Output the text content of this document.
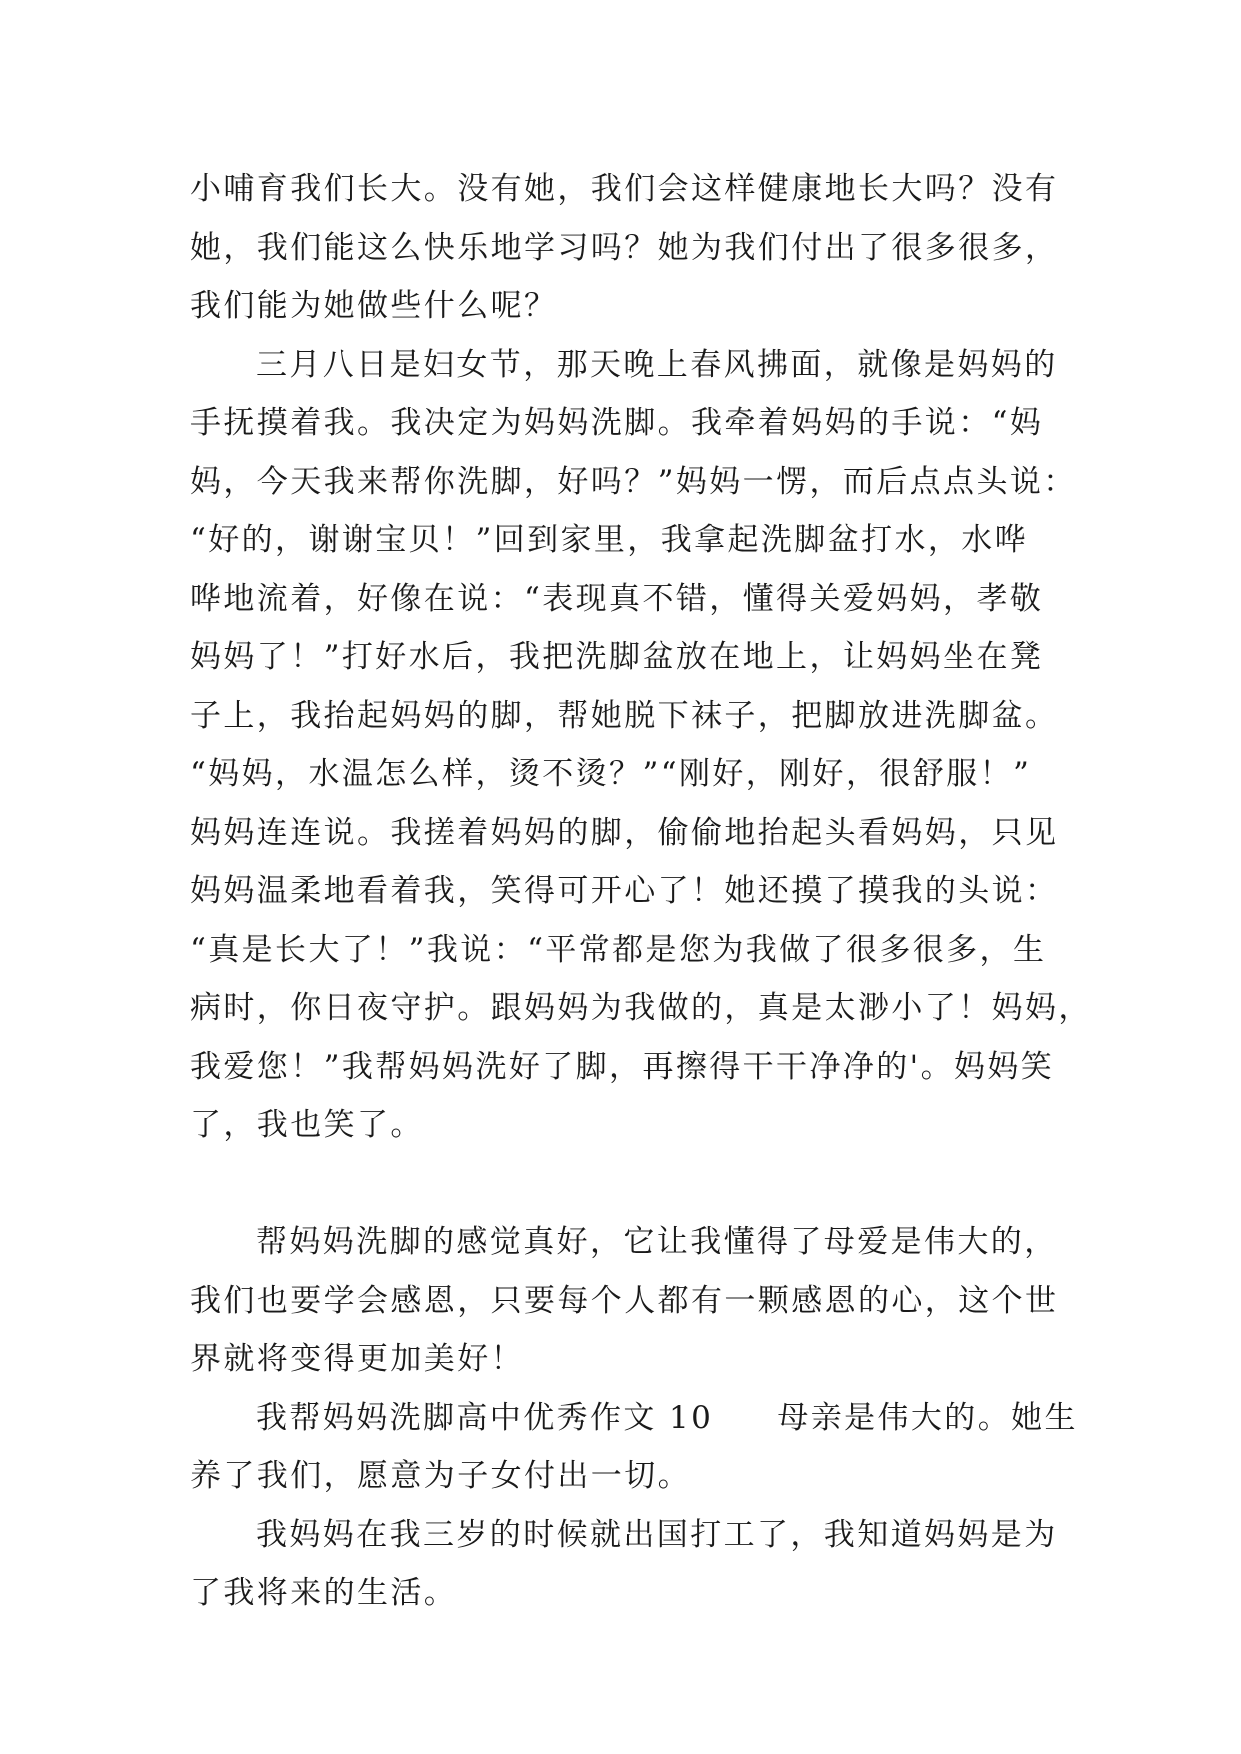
小哺育我们长大。没有她，我们会这样健康地长大吗？没有
她，我们能这么快乐地学习吗？她为我们付出了很多很多，
我们能为她做些什么呢？

三月八日是妇女节，那天晚上春风拂面，就像是妈妈的
手抚摸着我。我决定为妈妈洗脚。我牵着妈妈的手说：“妈
妈，今天我来帮你洗脚，好吗？”妈妈一愣，而后点点头说：
“好的，谢谢宝贝！”回到家里，我拿起洗脚盆打水，水哗
哗地流着，好像在说：“表现真不错，懂得关爱妈妈，孝敬
妈妈了！”打好水后，我把洗脚盆放在地上，让妈妈坐在凳
子上，我抬起妈妈的脚，帮她脱下袜子，把脚放进洗脚盆。
“妈妈，水温怎么样，烫不烫？”“刚好，刚好，很舒服！”
妈妈连连说。我搓着妈妈的脚，偷偷地抬起头看妈妈，只见
妈妈温柔地看着我，笑得可开心了！她还摸了摸我的头说：
“真是长大了！”我说：“平常都是您为我做了很多很多，生
病时，你日夜守护。跟妈妈为我做的，真是太渺小了！妈妈，
我爱您！”我帮妈妈洗好了脚，再擦得干干净净的'。妈妈笑
了，我也笑了。

帮妈妈洗脚的感觉真好，它让我懂得了母爱是伟大的，
我们也要学会感恩，只要每个人都有一颗感恩的心，这个世
界就将变得更加美好！

我帮妈妈洗脚高中优秀作文 10 母亲是伟大的。她生
养了我们，愿意为子女付出一切。

我妈妈在我三岁的时候就出国打工了，我知道妈妈是为
了我将来的生活。
